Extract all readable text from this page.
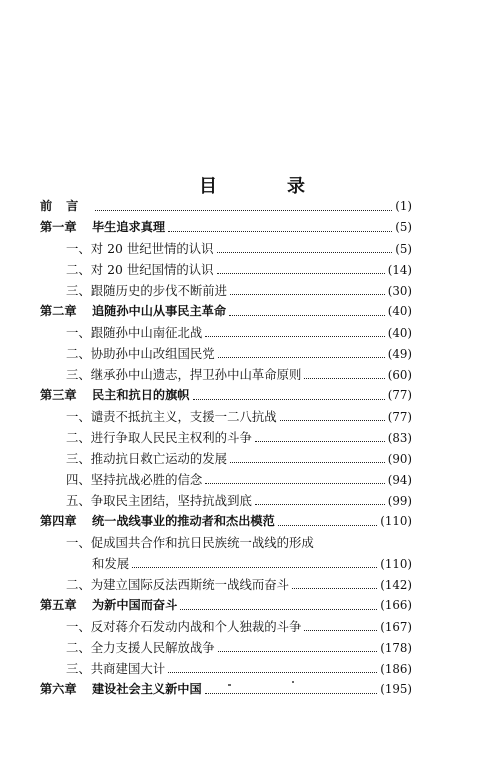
目　录
前言	(1)
第一章	毕生追求真理	(5)
一、对 20 世纪世情的认识	(5)
二、对 20 世纪国情的认识	(14)
三、跟随历史的步伐不断前进	(30)
第二章	追随孙中山从事民主革命	(40)
一、跟随孙中山南征北战	(40)
二、协助孙中山改组国民党	(49)
三、继承孙中山遗志，捍卫孙中山革命原则	(60)
第三章	民主和抗日的旗帜	(77)
一、谴责不抵抗主义，支援一二八抗战	(77)
二、进行争取人民民主权利的斗争	(83)
三、推动抗日救亡运动的发展	(90)
四、坚持抗战必胜的信念	(94)
五、争取民主团结，坚持抗战到底	(99)
第四章	统一战线事业的推动者和杰出模范	(110)
一、促成国共合作和抗日民族统一战线的形成
和发展	(110)
二、为建立国际反法西斯统一战线而奋斗	(142)
第五章	为新中国而奋斗	(166)
一、反对蒋介石发动内战和个人独裁的斗争	(167)
二、全力支援人民解放战争	(178)
三、共商建国大计	(186)
第六章	建设社会主义新中国	(195)
